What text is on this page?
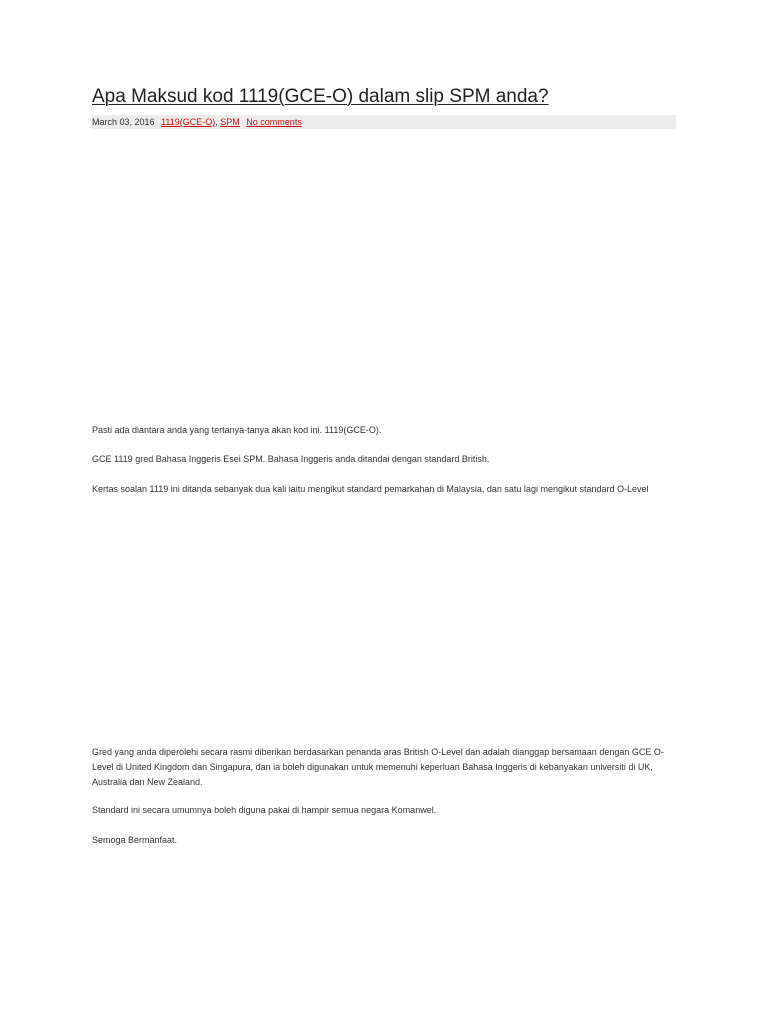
Apa Maksud kod 1119(GCE-O) dalam slip SPM anda?
March 03, 2016 1119(GCE-O), SPM No comments

Pasti ada diantara anda yang tertanya-tanya akan kod ini. 1119(GCE-O).

GCE 1119 gred Bahasa Inggeris Esei SPM. Bahasa Inggeris anda ditandai dengan standard British.

Kertas soalan 1119 ini ditanda sebanyak dua kali iaitu mengikut standard pemarkahan di Malaysia, dan satu lagi mengikut standard O-Level

Gred yang anda diperolehi secara rasmi diberikan berdasarkan penanda aras British O-Level dan adalah dianggap bersamaan dengan GCE O-Level di United Kingdom dan Singapura, dan ia boleh digunakan untuk memenuhi keperluan Bahasa Inggeris di kebanyakan universiti di UK, Australia dan New Zealand.

Standard ini secara umumnya boleh diguna pakai di hampir semua negara Komanwel.

Semoga Bermanfaat.
